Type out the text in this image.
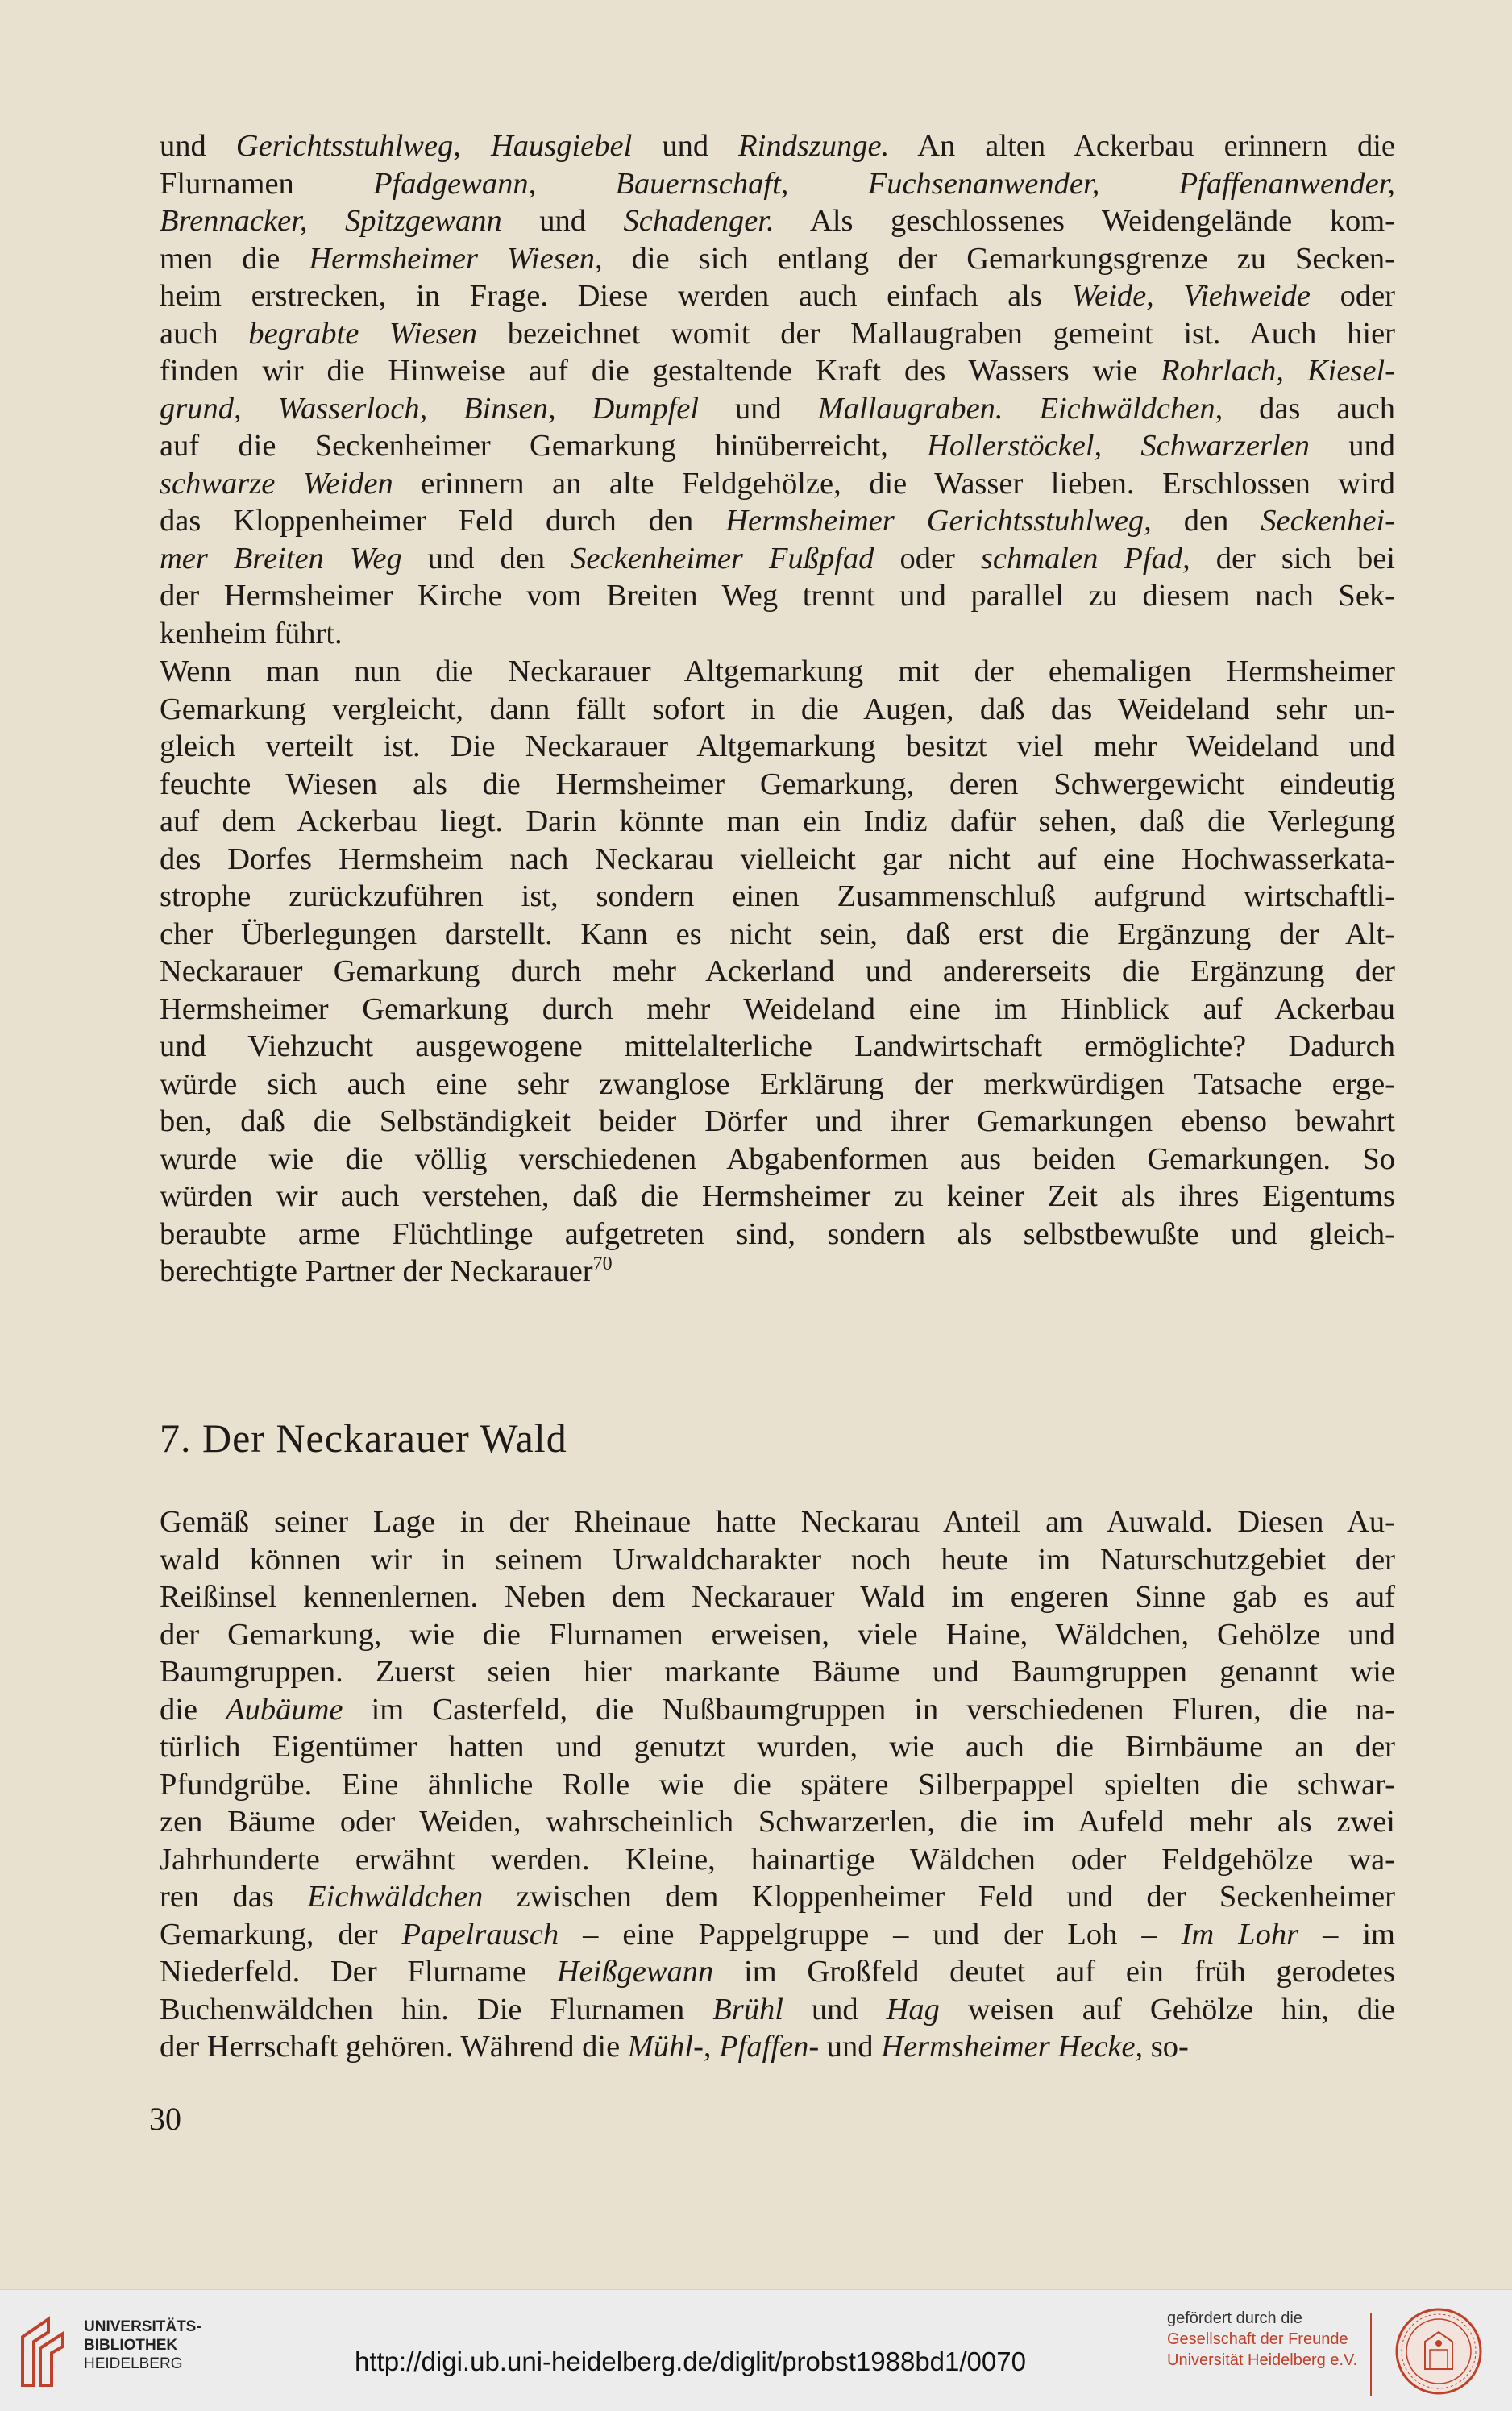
und Gerichtsstuhlweg, Hausgiebel und Rindszunge. An alten Ackerbau erinnern die
Flurnamen Pfadgewann, Bauernschaft, Fuchsenanwender, Pfaffenanwender,
Brennacker, Spitzgewann und Schadenger. Als geschlossenes Weidengelände kom-
men die Hermsheimer Wiesen, die sich entlang der Gemarkungsgrenze zu Secken-
heim erstrecken, in Frage. Diese werden auch einfach als Weide, Viehweide oder
auch begrabte Wiesen bezeichnet womit der Mallaugraben gemeint ist. Auch hier
finden wir die Hinweise auf die gestaltende Kraft des Wassers wie Rohrlach, Kiesel-
grund, Wasserloch, Binsen, Dumpfel und Mallaugraben. Eichwäldchen, das auch
auf die Seckenheimer Gemarkung hinüberreicht, Hollerstöckel, Schwarzerlen und
schwarze Weiden erinnern an alte Feldgehölze, die Wasser lieben. Erschlossen wird
das Kloppenheimer Feld durch den Hermsheimer Gerichtsstuhlweg, den Seckenhei-
mer Breiten Weg und den Seckenheimer Fußpfad oder schmalen Pfad, der sich bei
der Hermsheimer Kirche vom Breiten Weg trennt und parallel zu diesem nach Sek-
kenheim führt.
Wenn man nun die Neckarauer Altgemarkung mit der ehemaligen Hermsheimer
Gemarkung vergleicht, dann fällt sofort in die Augen, daß das Weideland sehr un-
gleich verteilt ist. Die Neckarauer Altgemarkung besitzt viel mehr Weideland und
feuchte Wiesen als die Hermsheimer Gemarkung, deren Schwergewicht eindeutig
auf dem Ackerbau liegt. Darin könnte man ein Indiz dafür sehen, daß die Verlegung
des Dorfes Hermsheim nach Neckarau vielleicht gar nicht auf eine Hochwasserkata-
strophe zurückzuführen ist, sondern einen Zusammenschluß aufgrund wirtschaftli-
cher Überlegungen darstellt. Kann es nicht sein, daß erst die Ergänzung der Alt-
Neckarauer Gemarkung durch mehr Ackerland und andererseits die Ergänzung der
Hermsheimer Gemarkung durch mehr Weideland eine im Hinblick auf Ackerbau
und Viehzucht ausgewogene mittelalterliche Landwirtschaft ermöglichte? Dadurch
würde sich auch eine sehr zwanglose Erklärung der merkwürdigen Tatsache erge-
ben, daß die Selbständigkeit beider Dörfer und ihrer Gemarkungen ebenso bewahrt
wurde wie die völlig verschiedenen Abgabenformen aus beiden Gemarkungen. So
würden wir auch verstehen, daß die Hermsheimer zu keiner Zeit als ihres Eigentums
beraubte arme Flüchtlinge aufgetreten sind, sondern als selbstbewußte und gleich-
berechtigte Partner der Neckarauer$^{70}$
7. Der Neckarauer Wald
Gemäß seiner Lage in der Rheinaue hatte Neckarau Anteil am Auwald. Diesen Au-
wald können wir in seinem Urwaldcharakter noch heute im Naturschutzgebiet der
Reißinsel kennenlernen. Neben dem Neckarauer Wald im engeren Sinne gab es auf
der Gemarkung, wie die Flurnamen erweisen, viele Haine, Wäldchen, Gehölze und
Baumgruppen. Zuerst seien hier markante Bäume und Baumgruppen genannt wie
die Aubäume im Casterfeld, die Nußbaumgruppen in verschiedenen Fluren, die na-
türlich Eigentümer hatten und genutzt wurden, wie auch die Birnbäume an der
Pfundgrübe. Eine ähnliche Rolle wie die spätere Silberpappel spielten die schwar-
zen Bäume oder Weiden, wahrscheinlich Schwarzerlen, die im Aufeld mehr als zwei
Jahrhunderte erwähnt werden. Kleine, hainartige Wäldchen oder Feldgehölze wa-
ren das Eichwäldchen zwischen dem Kloppenheimer Feld und der Seckenheimer
Gemarkung, der Papelrausch – eine Pappelgruppe – und der Loh – Im Lohr – im
Niederfeld. Der Flurname Heißgewann im Großfeld deutet auf ein früh gerodetes
Buchenwäldchen hin. Die Flurnamen Brühl und Hag weisen auf Gehölze hin, die
der Herrschaft gehören. Während die Mühl-, Pfaffen- und Hermsheimer Hecke, so-
30
UNIVERSITÄTS-
BIBLIOTHEK
HEIDELBERG	http://digi.ub.uni-heidelberg.de/diglit/probst1988bd1/0070
gefördert durch die
Gesellschaft der Freunde
Universität Heidelberg e.V.
